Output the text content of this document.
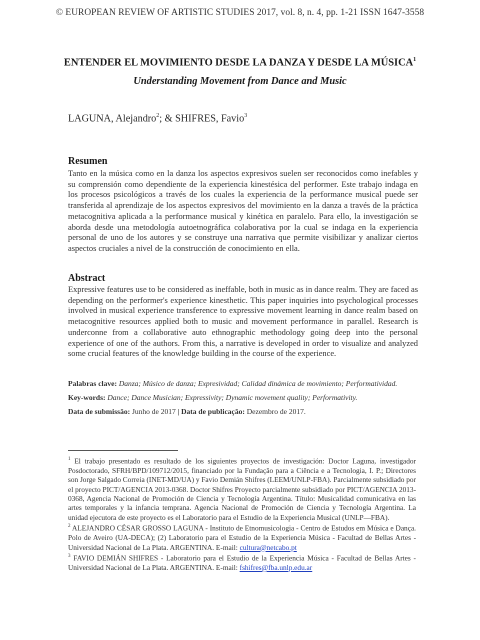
© EUROPEAN REVIEW OF ARTISTIC STUDIES 2017, vol. 8, n. 4, pp. 1-21 ISSN 1647-3558
ENTENDER EL MOVIMIENTO DESDE LA DANZA Y DESDE LA MÚSICA$^1$
Understanding Movement from Dance and Music
LAGUNA, Alejandro$^2$; & SHIFRES, Favio$^3$
Resumen
Tanto en la música como en la danza los aspectos expresivos suelen ser reconocidos como inefables y su comprensión como dependiente de la experiencia kinestésica del performer. Este trabajo indaga en los procesos psicológicos a través de los cuales la experiencia de la performance musical puede ser transferida al aprendizaje de los aspectos expresivos del movimiento en la danza a través de la práctica metacognitiva aplicada a la performance musical y kinética en paralelo. Para ello, la investigación se aborda desde una metodología autoetnográfica colaborativa por la cual se indaga en la experiencia personal de uno de los autores y se construye una narrativa que permite visibilizar y analizar ciertos aspectos cruciales a nivel de la construcción de conocimiento en ella.
Abstract
Expressive features use to be considered as ineffable, both in music as in dance realm. They are faced as depending on the performer's experience kinesthetic. This paper inquiries into psychological processes involved in musical experience transference to expressive movement learning in dance realm based on metacognitive resources applied both to music and movement performance in parallel. Research is underconne from a collaborative auto ethnographic methodology going deep into the personal experience of one of the authors. From this, a narrative is developed in order to visualize and analyzed some crucial features of the knowledge building in the course of the experience.
Palabras clave: Danza; Músico de danza; Expresividad; Calidad dinámica de movimiento; Performatividad.
Key-words: Dance; Dance Musician; Expressivity; Dynamic movement quality; Performativity.
Data de submissão: Junho de 2017 | Data de publicação: Dezembro de 2017.

$^1$ El trabajo presentado es resultado de los siguientes proyectos de investigación: Doctor Laguna, investigador Posdoctorado, SFRH/BPD/109712/2015, financiado por la Fundação para a Ciência e a Tecnologia, I. P.; Directores son Jorge Salgado Correia (INET-MD/UA) y Favio Demián Shifres (LEEM/UNLP-FBA). Parcialmente subsidiado por el proyecto PICT/AGENCIA 2013-0368. Doctor Shifres Proyecto parcialmente subsidiado por PICT/AGENCIA 2013-0368, Agencia Nacional de Promoción de Ciencia y Tecnología Argentina. Título: Musicalidad comunicativa en las artes temporales y la infancia temprana. Agencia Nacional de Promoción de Ciencia y Tecnología Argentina. La unidad ejecutora de este proyecto es el Laboratorio para el Estudio de la Experiencia Musical (UNLP—FBA).

$^2$ ALEJANDRO CÉSAR GROSSO LAGUNA - Instituto de Etnomusicologia - Centro de Estudos em Música e Dança. Polo de Aveiro (UA-DECA); (2) Laboratorio para el Estudio de la Experiencia Música - Facultad de Bellas Artes - Universidad Nacional de La Plata. ARGENTINA. E-mail: cultura@netcabo.pt

$^3$ FAVIO DEMIÁN SHIFRES - Laboratorio para el Estudio de la Experiencia Música - Facultad de Bellas Artes - Universidad Nacional de La Plata. ARGENTINA. E-mail: fshifres@fba.unlp.edu.ar
